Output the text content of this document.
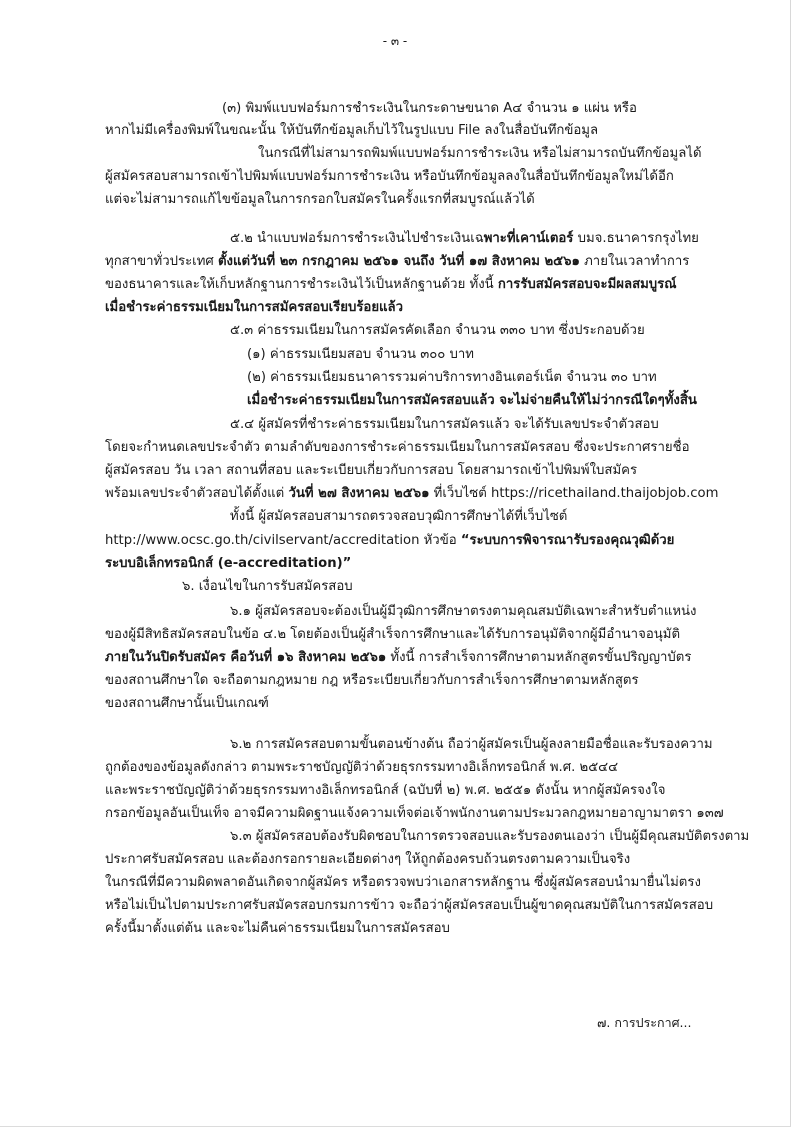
- ๓ -
(๓) พิมพ์แบบฟอร์มการชำระเงินในกระดาษขนาด A๔ จำนวน ๑ แผ่น หรือ
หากไม่มีเครื่องพิมพ์ในขณะนั้น ให้บันทึกข้อมูลเก็บไว้ในรูปแบบ File ลงในสื่อบันทึกข้อมูล
ในกรณีที่ไม่สามารถพิมพ์แบบฟอร์มการชำระเงิน หรือไม่สามารถบันทึกข้อมูลได้
ผู้สมัครสอบสามารถเข้าไปพิมพ์แบบฟอร์มการชำระเงิน หรือบันทึกข้อมูลลงในสื่อบันทึกข้อมูลใหม่ได้อีก
แต่จะไม่สามารถแก้ไขข้อมูลในการกรอกใบสมัครในครั้งแรกที่สมบูรณ์แล้วได้
๕.๒ นำแบบฟอร์มการชำระเงินไปชำระเงินเฉพาะที่เคาน์เตอร์ บมจ.ธนาคารกรุงไทย
ทุกสาขาทั่วประเทศ ตั้งแต่วันที่ ๒๓ กรกฎาคม ๒๕๖๑ จนถึง วันที่ ๑๗ สิงหาคม ๒๕๖๑ ภายในเวลาทำการ
ของธนาคารและให้เก็บหลักฐานการชำระเงินไว้เป็นหลักฐานด้วย ทั้งนี้ การรับสมัครสอบจะมีผลสมบูรณ์
เมื่อชำระค่าธรรมเนียมในการสมัครสอบเรียบร้อยแล้ว
๕.๓ ค่าธรรมเนียมในการสมัครคัดเลือก จำนวน ๓๓๐ บาท ซึ่งประกอบด้วย
(๑) ค่าธรรมเนียมสอบ จำนวน ๓๐๐ บาท
(๒) ค่าธรรมเนียมธนาคารรวมค่าบริการทางอินเตอร์เน็ต จำนวน ๓๐ บาท
เมื่อชำระค่าธรรมเนียมในการสมัครสอบแล้ว จะไม่จ่ายคืนให้ไม่ว่ากรณีใดๆทั้งสิ้น
๕.๔ ผู้สมัครที่ชำระค่าธรรมเนียมในการสมัครแล้ว จะได้รับเลขประจำตัวสอบ
โดยจะกำหนดเลขประจำตัว ตามลำดับของการชำระค่าธรรมเนียมในการสมัครสอบ ซึ่งจะประกาศรายชื่อ
ผู้สมัครสอบ วัน เวลา สถานที่สอบ และระเบียบเกี่ยวกับการสอบ โดยสามารถเข้าไปพิมพ์ใบสมัคร
พร้อมเลขประจำตัวสอบได้ตั้งแต่ วันที่ ๒๗ สิงหาคม ๒๕๖๑ ที่เว็บไซต์ https://ricethailand.thaijobjob.com
ทั้งนี้ ผู้สมัครสอบสามารถตรวจสอบวุฒิการศึกษาได้ที่เว็บไซต์
http://www.ocsc.go.th/civilservant/accreditation หัวข้อ “ระบบการพิจารณารับรองคุณวุฒิด้วย
ระบบอิเล็กทรอนิกส์ (e-accreditation)”
๖. เงื่อนไขในการรับสมัครสอบ
๖.๑ ผู้สมัครสอบจะต้องเป็นผู้มีวุฒิการศึกษาตรงตามคุณสมบัติเฉพาะสำหรับตำแหน่ง
ของผู้มีสิทธิสมัครสอบในข้อ ๔.๒ โดยต้องเป็นผู้สำเร็จการศึกษาและได้รับการอนุมัติจากผู้มีอำนาจอนุมัติ
ภายในวันปิดรับสมัคร คือวันที่ ๑๖ สิงหาคม ๒๕๖๑ ทั้งนี้ การสำเร็จการศึกษาตามหลักสูตรขั้นปริญญาบัตร
ของสถานศึกษาใด จะถือตามกฎหมาย กฎ หรือระเบียบเกี่ยวกับการสำเร็จการศึกษาตามหลักสูตร
ของสถานศึกษานั้นเป็นเกณฑ์
๖.๒ การสมัครสอบตามขั้นตอนข้างต้น ถือว่าผู้สมัครเป็นผู้ลงลายมือชื่อและรับรองความ
ถูกต้องของข้อมูลดังกล่าว ตามพระราชบัญญัติว่าด้วยธุรกรรมทางอิเล็กทรอนิกส์ พ.ศ. ๒๕๔๔
และพระราชบัญญัติว่าด้วยธุรกรรมทางอิเล็กทรอนิกส์ (ฉบับที่ ๒) พ.ศ. ๒๕๕๑ ดังนั้น หากผู้สมัครจงใจ
กรอกข้อมูลอันเป็นเท็จ อาจมีความผิดฐานแจ้งความเท็จต่อเจ้าพนักงานตามประมวลกฎหมายอาญามาตรา ๑๓๗
๖.๓ ผู้สมัครสอบต้องรับผิดชอบในการตรวจสอบและรับรองตนเองว่า เป็นผู้มีคุณสมบัติตรงตาม
ประกาศรับสมัครสอบ และต้องกรอกรายละเอียดต่างๆ ให้ถูกต้องครบถ้วนตรงตามความเป็นจริง
ในกรณีที่มีความผิดพลาดอันเกิดจากผู้สมัคร หรือตรวจพบว่าเอกสารหลักฐาน ซึ่งผู้สมัครสอบนำมายื่นไม่ตรง
หรือไม่เป็นไปตามประกาศรับสมัครสอบกรมการข้าว จะถือว่าผู้สมัครสอบเป็นผู้ขาดคุณสมบัติในการสมัครสอบ
ครั้งนี้มาตั้งแต่ต้น และจะไม่คืนค่าธรรมเนียมในการสมัครสอบ
๗. การประกาศ...
